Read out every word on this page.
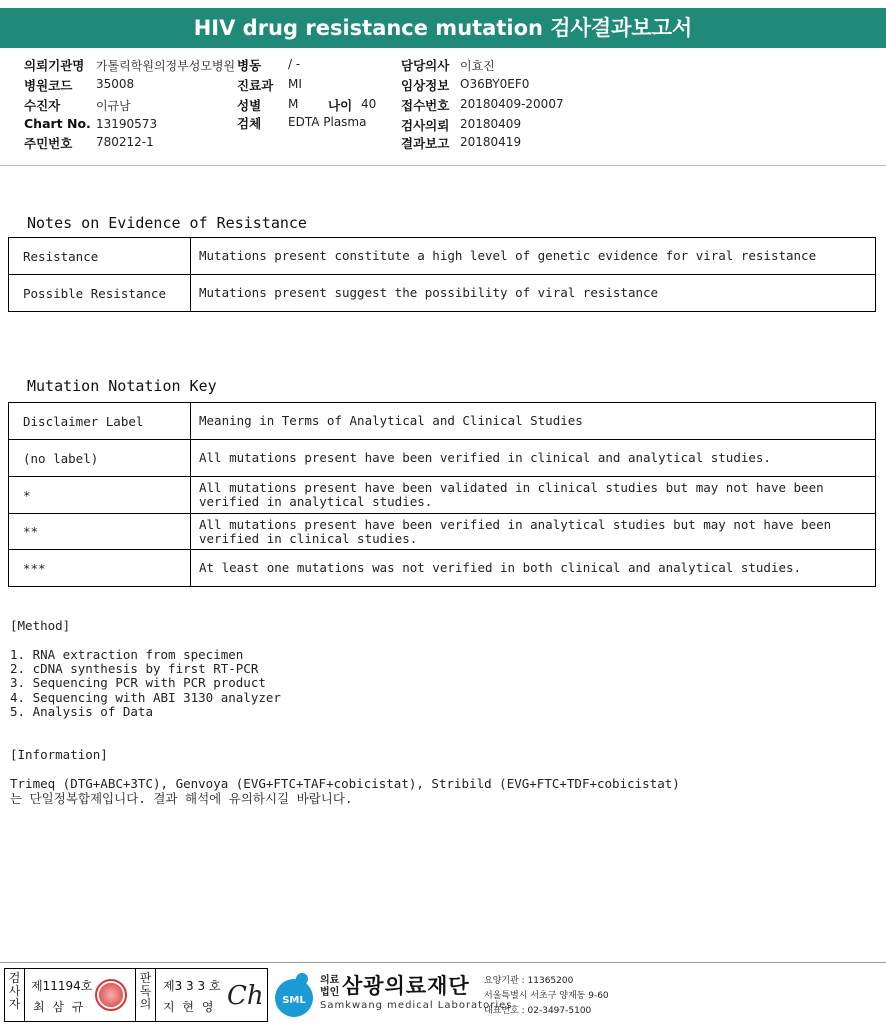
HIV drug resistance mutation 검사결과보고서
의뢰기관명 가톨릭학원의정부성모병원
병원코드 35008
수진자	이규남
Chart No. 13190573
주민번호 780212-1
병동 / -
진료과 MI
성별 M 나이 40
검체 EDTA Plasma
담당의사 이효진
임상정보 O36BY0EF0
접수번호 20180409-20007
검사의뢰 20180409
결과보고 20180419
Notes on Evidence of Resistance
Resistance	Mutations present constitute a high level of genetic evidence for viral resistance
Possible Resistance	Mutations present suggest the possibility of viral resistance
Mutation Notation Key
Disclaimer Label	Meaning in Terms of Analytical and Clinical Studies
(no label)	All mutations present have been verified in clinical and analytical studies.
*	All mutations present have been validated in clinical studies but may not have been verified in analytical studies.
**	All mutations present have been verified in analytical studies but may not have been verified in clinical studies.
***	At least one mutations was not verified in both clinical and analytical studies.
[Method]
1. RNA extraction from specimen
2. cDNA synthesis by first RT-PCR
3. Sequencing PCR with PCR product
4. Sequencing with ABI 3130 analyzer
5. Analysis of Data
[Information]
Trimeq (DTG+ABC+3TC), Genvoya (EVG+FTC+TAF+cobicistat), Stribild (EVG+FTC+TDF+cobicistat)
는 단일정복합제입니다. 결과 해석에 유의하시길 바랍니다.
검사자
제11194호
최 삼 규
판독의
제3 3 3 호
지 현 영 Ch SML
의료
법인 삼광의료재단
Samkwang medical Laboratories
요양기관 : 11365200
서울특별시 서초구 양재동 9-60
대표번호 : 02-3497-5100
